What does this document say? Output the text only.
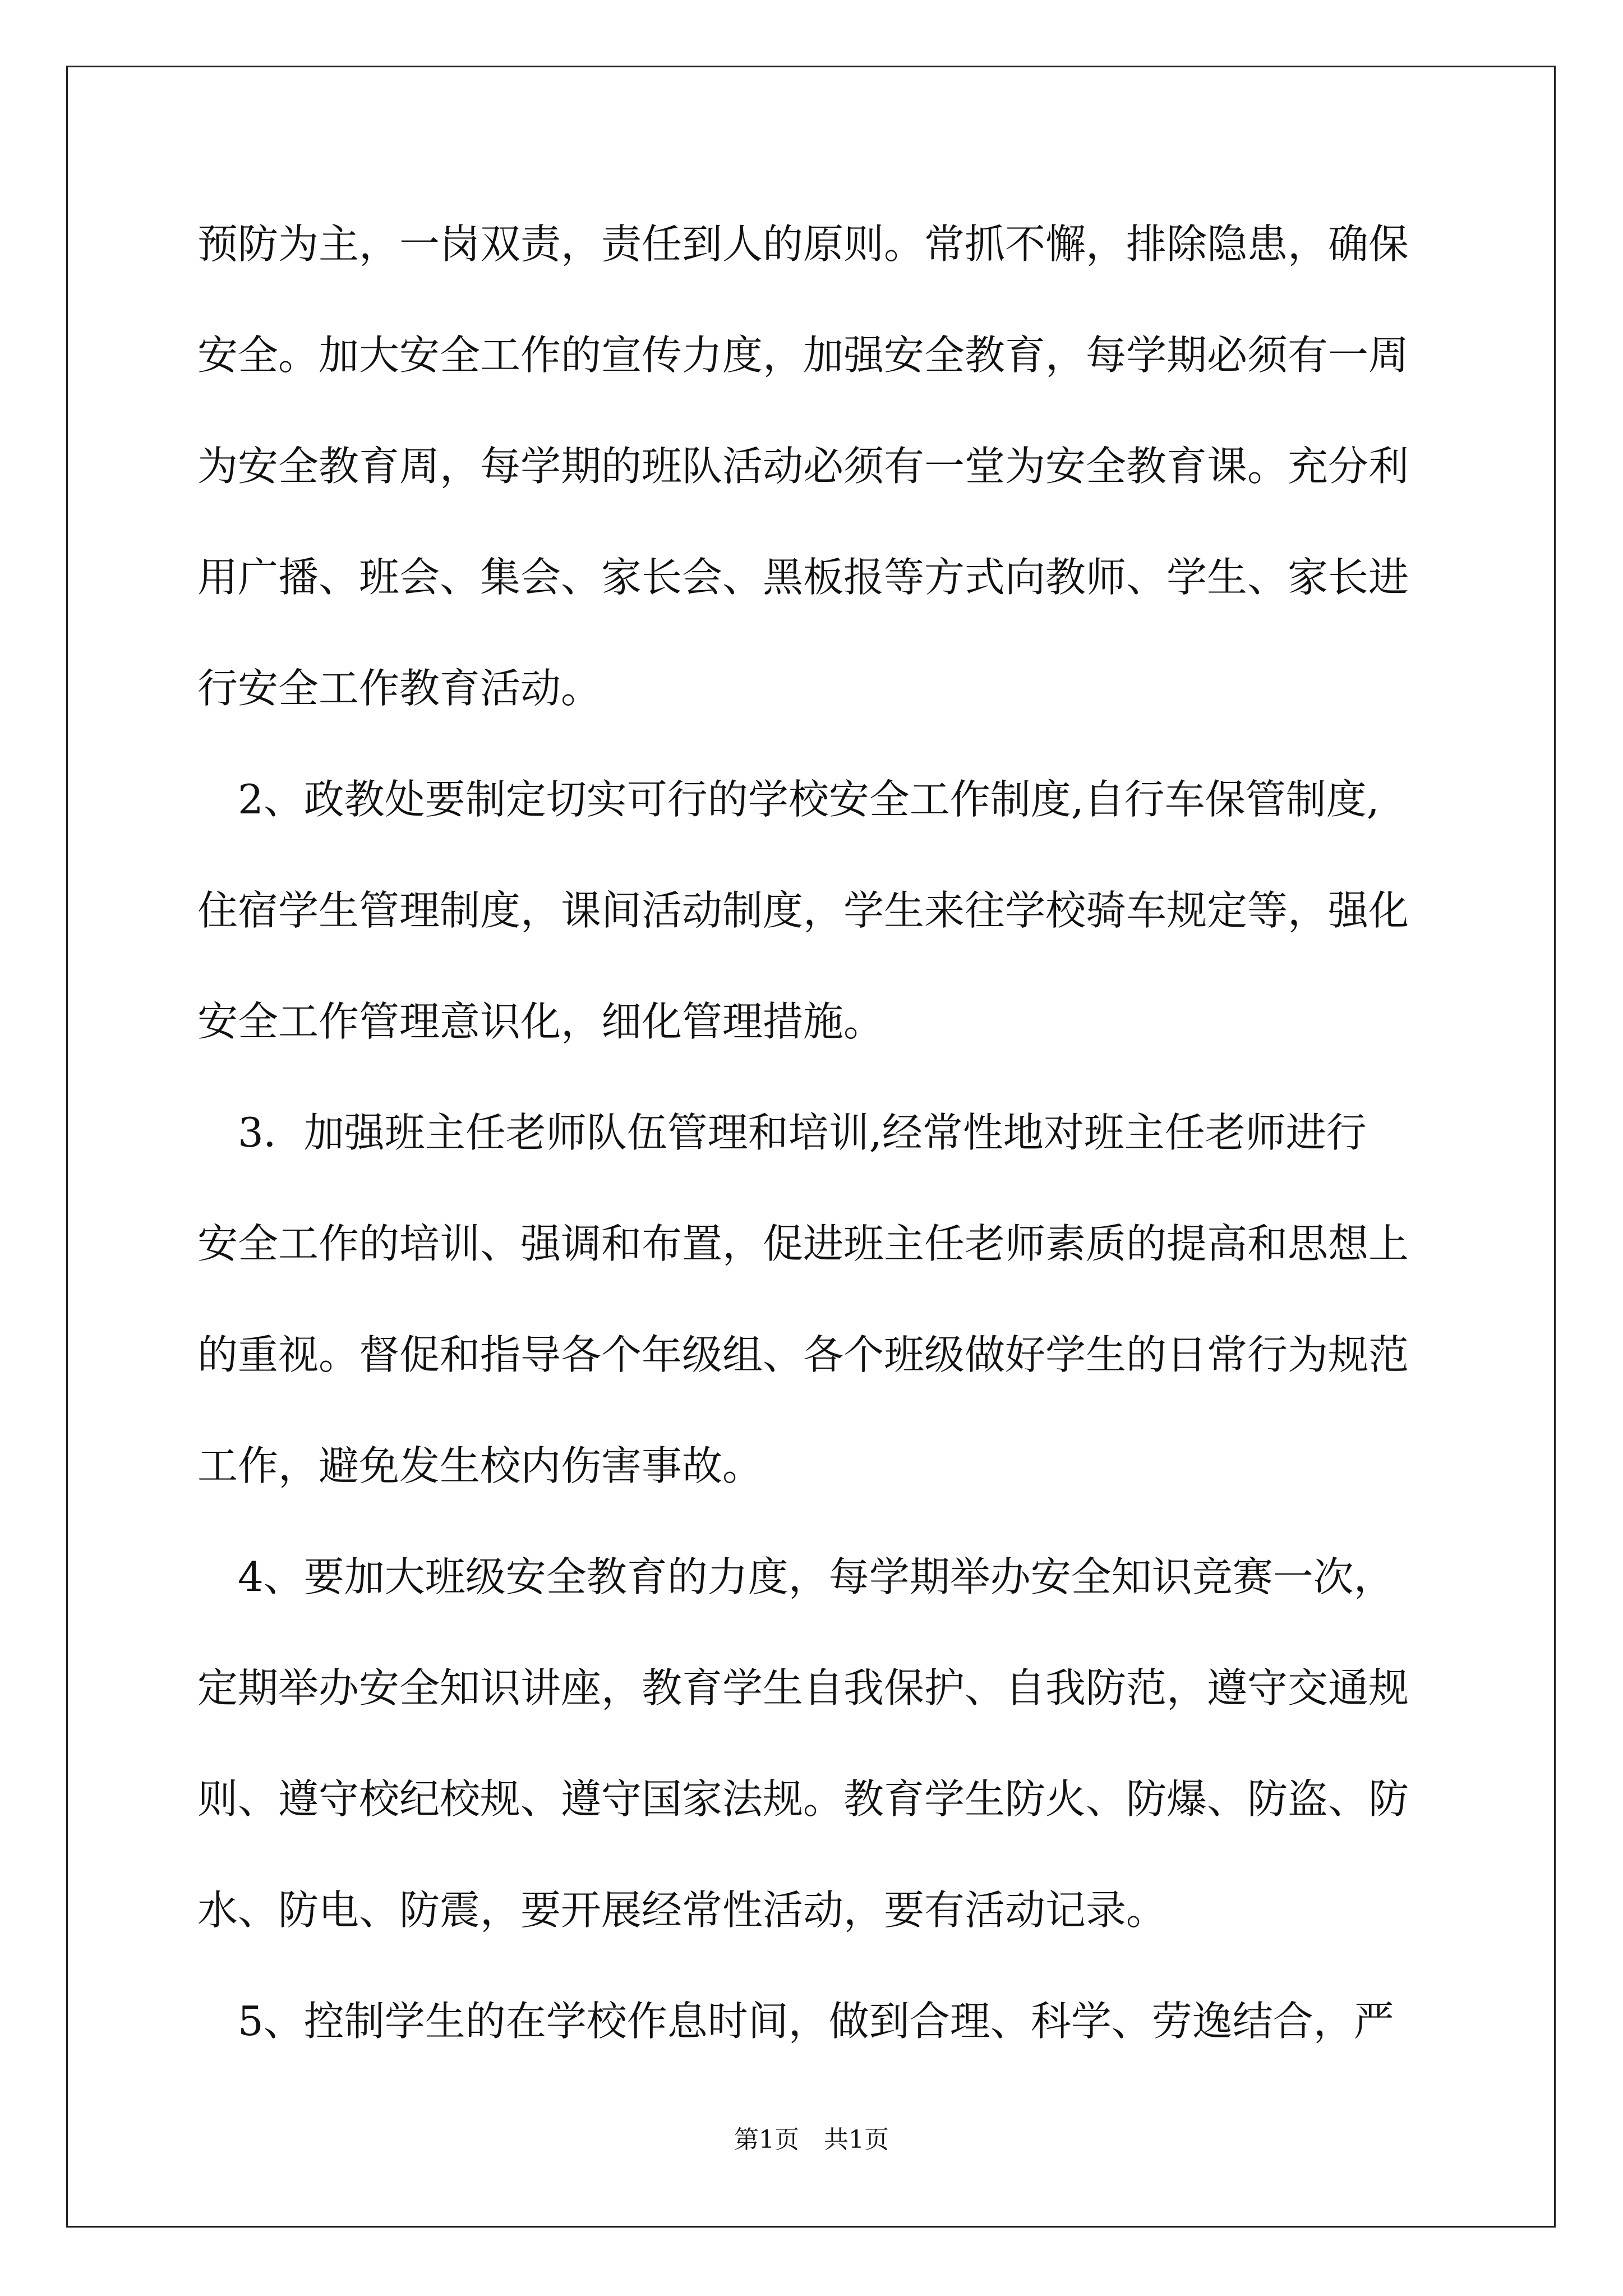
预防为主，一岗双责，责任到人的原则。常抓不懈，排除隐患，确保
安全。加大安全工作的宣传力度，加强安全教育，每学期必须有一周
为安全教育周，每学期的班队活动必须有一堂为安全教育课。充分利
用广播、班会、集会、家长会、黑板报等方式向教师、学生、家长进
行安全工作教育活动。
　2、政教处要制定切实可行的学校安全工作制度,自行车保管制度,
住宿学生管理制度，课间活动制度，学生来往学校骑车规定等，强化
安全工作管理意识化，细化管理措施。
　3．加强班主任老师队伍管理和培训,经常性地对班主任老师进行
安全工作的培训、强调和布置，促进班主任老师素质的提高和思想上
的重视。督促和指导各个年级组、各个班级做好学生的日常行为规范
工作，避免发生校内伤害事故。
　4、要加大班级安全教育的力度，每学期举办安全知识竞赛一次，
定期举办安全知识讲座，教育学生自我保护、自我防范，遵守交通规
则、遵守校纪校规、遵守国家法规。教育学生防火、防爆、防盗、防
水、防电、防震，要开展经常性活动，要有活动记录。
　5、控制学生的在学校作息时间，做到合理、科学、劳逸结合，严
第1页　共1页
